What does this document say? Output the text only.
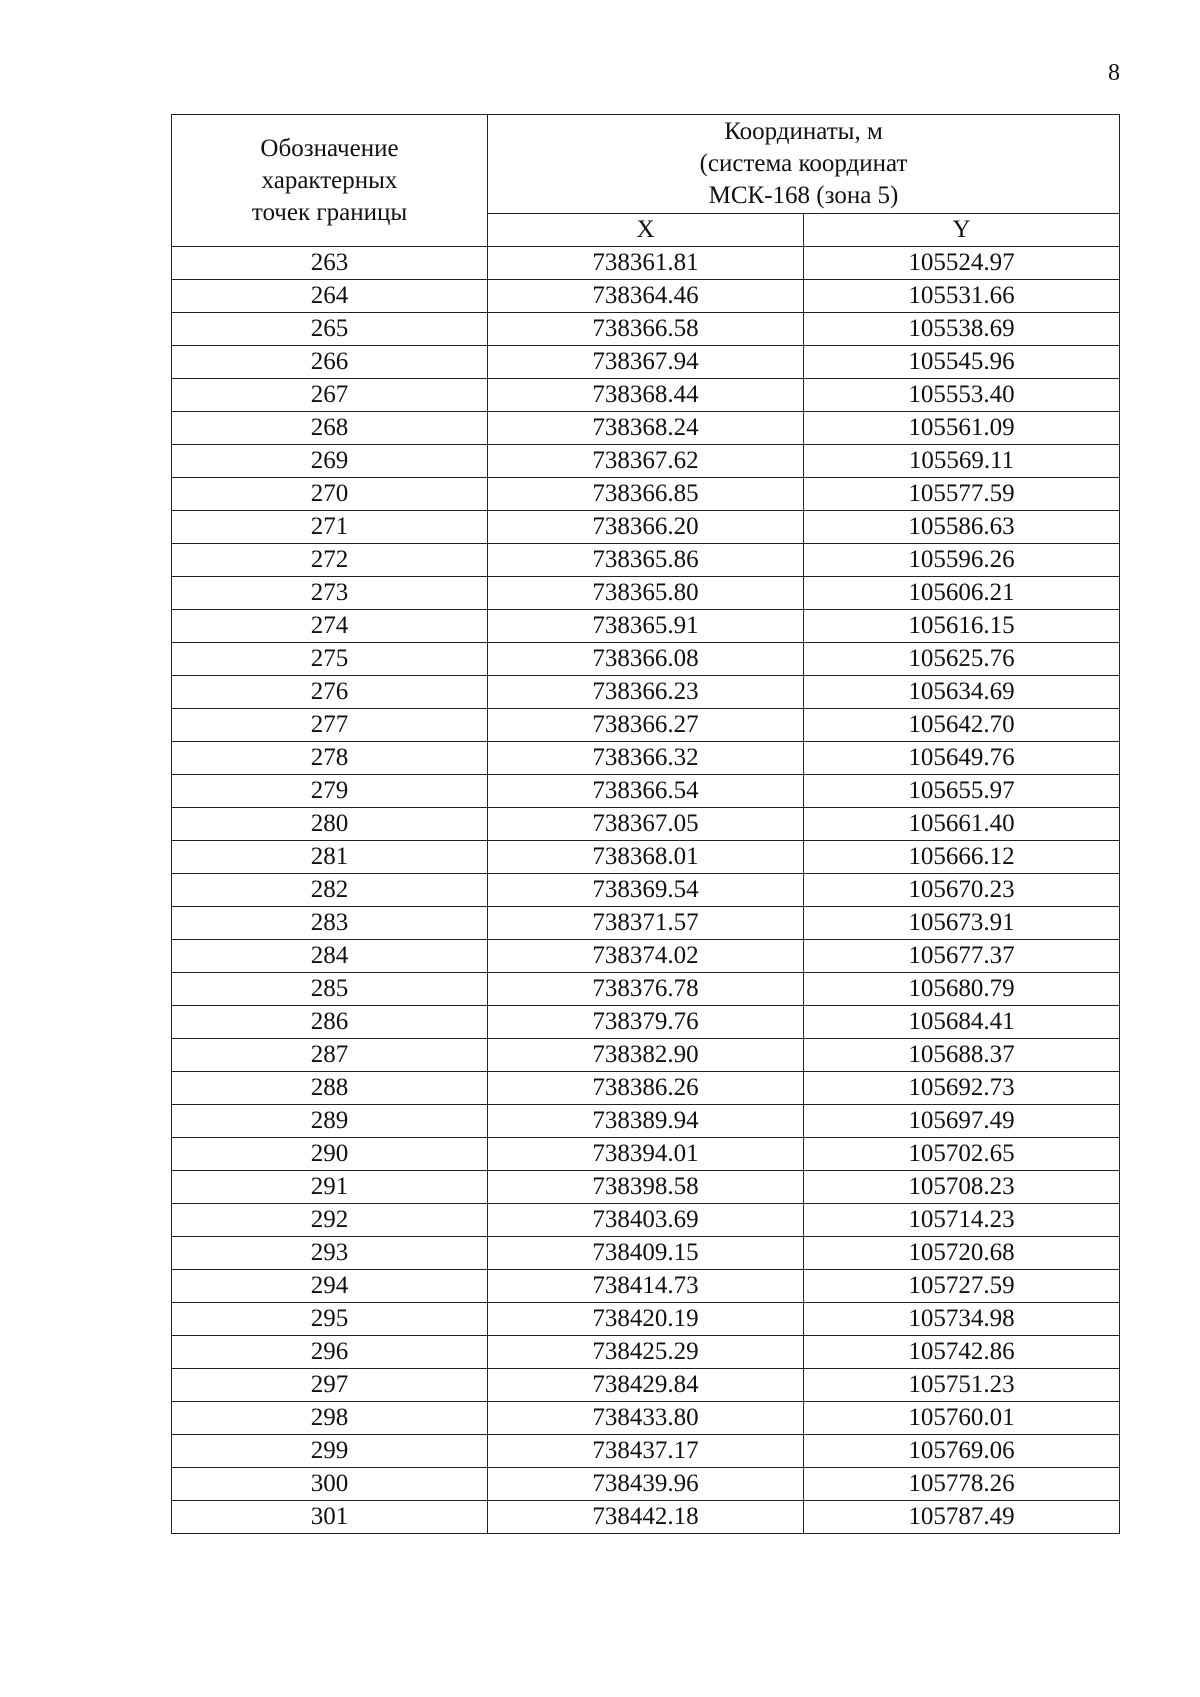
8
Обозначение
характерных
точек границы	Координаты, м
(система координат
МСК-168 (зона 5)	

	X	Y
263	738361.81	105524.97
264	738364.46	105531.66
265	738366.58	105538.69
266	738367.94	105545.96
267	738368.44	105553.40
268	738368.24	105561.09
269	738367.62	105569.11
270	738366.85	105577.59
271	738366.20	105586.63
272	738365.86	105596.26
273	738365.80	105606.21
274	738365.91	105616.15
275	738366.08	105625.76
276	738366.23	105634.69
277	738366.27	105642.70
278	738366.32	105649.76
279	738366.54	105655.97
280	738367.05	105661.40
281	738368.01	105666.12
282	738369.54	105670.23
283	738371.57	105673.91
284	738374.02	105677.37
285	738376.78	105680.79
286	738379.76	105684.41
287	738382.90	105688.37
288	738386.26	105692.73
289	738389.94	105697.49
290	738394.01	105702.65
291	738398.58	105708.23
292	738403.69	105714.23
293	738409.15	105720.68
294	738414.73	105727.59
295	738420.19	105734.98
296	738425.29	105742.86
297	738429.84	105751.23
298	738433.80	105760.01
299	738437.17	105769.06
300	738439.96	105778.26
301	738442.18	105787.49
